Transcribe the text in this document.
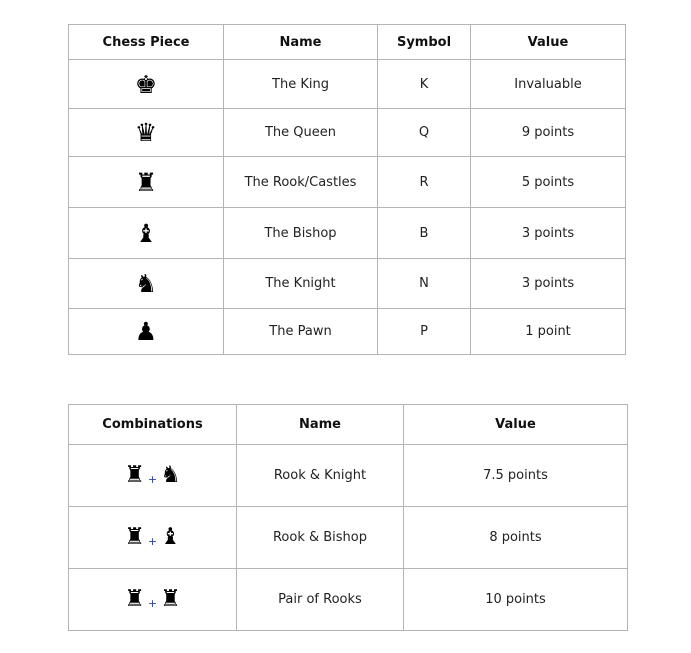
Chess Piece	Name	Symbol	Value
♚	The King	K	Invaluable
♛	The Queen	Q	9 points
♜	The Rook/Castles	R	5 points
♝	The Bishop	B	3 points
♞	The Knight	N	3 points
♟	The Pawn	P	1 point
Combinations	Name	Value

♜ + ♞	Rook & Knight	7.5 points

♜ + ♝	Rook & Bishop	8 points

♜ + ♜	Pair of Rooks	10 points
